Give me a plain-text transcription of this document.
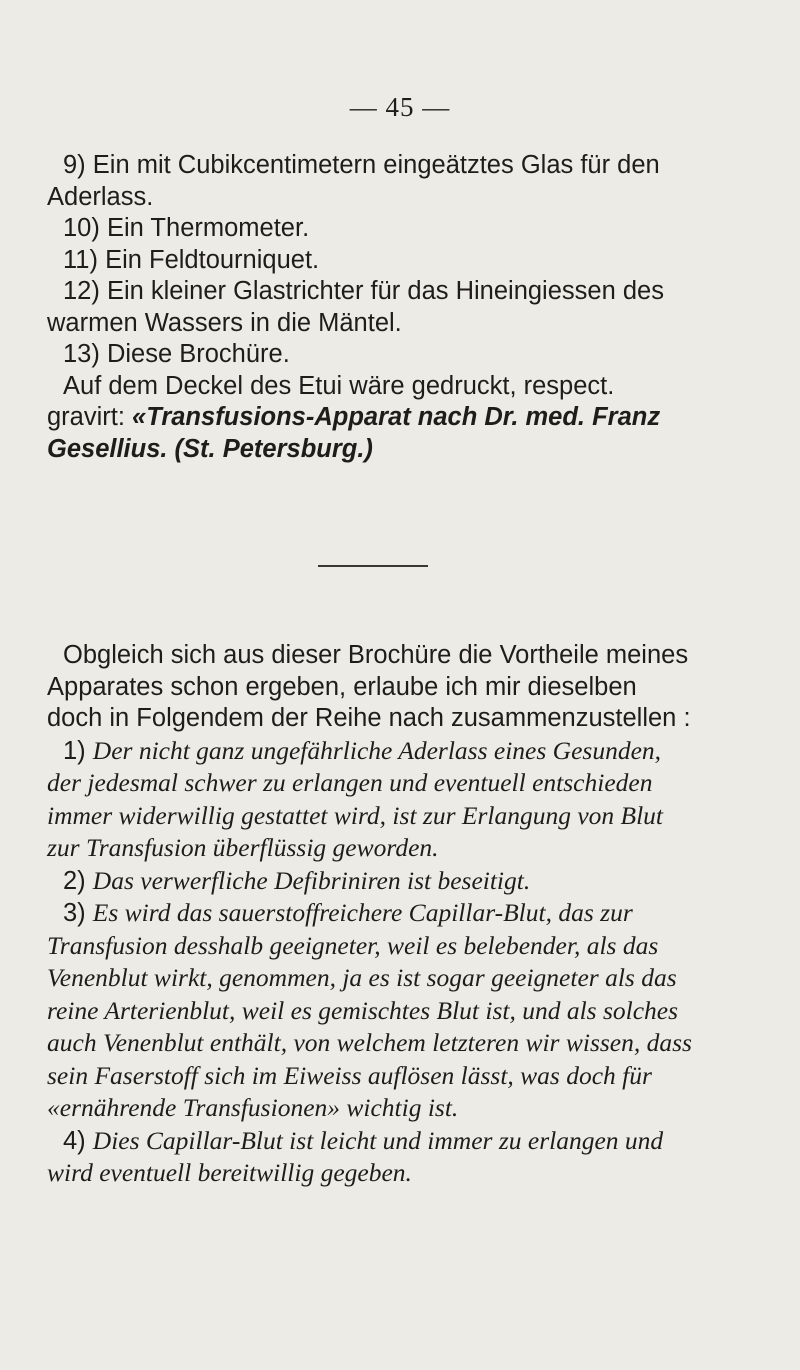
— 45 —

9) Ein mit Cubikcentimetern eingeätztes Glas für den Aderlass.

10) Ein Thermometer.

11) Ein Feldtourniquet.

12) Ein kleiner Glastrichter für das Hineingiessen des warmen Wassers in die Mäntel.

13) Diese Brochüre.

Auf dem Deckel des Etui wäre gedruckt, respect. gravirt: «Transfusions-Apparat nach Dr. med. Franz Gesellius. (St. Petersburg.)

Obgleich sich aus dieser Brochüre die Vortheile meines Apparates schon ergeben, erlaube ich mir dieselben doch in Folgendem der Reihe nach zusammenzustellen :

1) Der nicht ganz ungefährliche Aderlass eines Gesunden, der jedesmal schwer zu erlangen und eventuell entschieden immer widerwillig gestattet wird, ist zur Erlangung von Blut zur Transfusion überflüssig geworden.

2) Das verwerfliche Defibriniren ist beseitigt.

3) Es wird das sauerstoffreichere Capillar-Blut, das zur Transfusion desshalb geeigneter, weil es belebender, als das Venenblut wirkt, genommen, ja es ist sogar geeigneter als das reine Arterienblut, weil es gemischtes Blut ist, und als solches auch Venenblut enthält, von welchem letzteren wir wissen, dass sein Faserstoff sich im Eiweiss auflösen lässt, was doch für «ernährende Transfusionen» wichtig ist.

4) Dies Capillar-Blut ist leicht und immer zu erlangen und wird eventuell bereitwillig gegeben.
